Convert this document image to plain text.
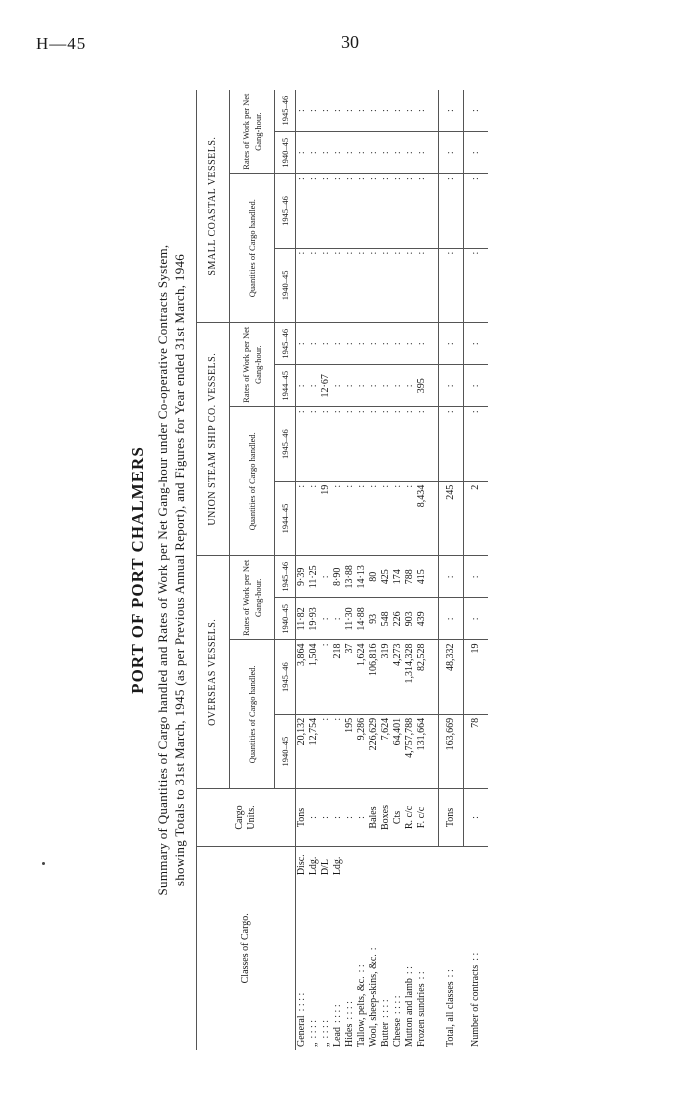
H—45	30
PORT OF PORT CHALMERS Summary of Quantities of Cargo handled and Rates of Work per Net Gang-hour under Co-operative Contracts System, showing Totals to 31st March, 1945 (as per Previous Annual Report), and Figures for Year ended 31st March, 1946
Classes of Cargo.		Cargo Units.	OVERSEAS VESSELS.				UNION STEAM SHIP CO. VESSELS.				SMALL COASTAL VESSELS.			
			Quantities of Cargo handled.		Rates of Work per Net Gang-hour.		Quantities of Cargo handled.		Rates of Work per Net Gang-hour.		Quantities of Cargo handled.		Rates of Work per Net Gang-hour.	
			1940–45	1945–46	1940–45	1945–46	1944–45	1945–46	1944–45	1945–46	1940–45	1945–46	1940–45	1945–46
General: : : :	Disc.	Tons	20,132	3,864	11·82	9·39	:	:	:	:	:	:	:	:
„: : : :	Ldg.	:	12,754	1,504	19·93	11·25	:	:	:	:	:	:	:	:
„: : : :	D/L	:	:	:	:	:	19	:	12·67	:	:	:	:	:
Lead: : : :	Ldg.	:	:	218	:	8·90	:	:	:	:	:	:	:	:
Hides: : : :		:	195	37	11·30	13·88	:	:	:	:	:	:	:	:
Tallow, pelts, &c.: :		:	9,286	1,624	14·88	14·13	:	:	:	:	:	:	:	:
Wool, sheep-skins, &c.:		Bales	226,629	106,816	93	80	:	:	:	:	:	:	:	:
Butter: : : :		Boxes	7,624	319	548	425	:	:	:	:	:	:	:	:
Cheese: : : :		Cts	64,401	4,273	226	174	:	:	:	:	:	:	:	:
Mutton and lamb: :		R. c/c	4,757,788	1,314,328	903	788	:	:	:	:	:	:	:	:
Frozen sundries: :		F. c/c	131,664	82,528	439	415	8,434	:	395	:	:	:	:	:

Total, all classes: :		Tons	163,669	48,332	:	:	245	:	:	:	:	:	:	:
Number of contracts: :		:	78	19	:	:	2	:	:	:	:	:	:	:
